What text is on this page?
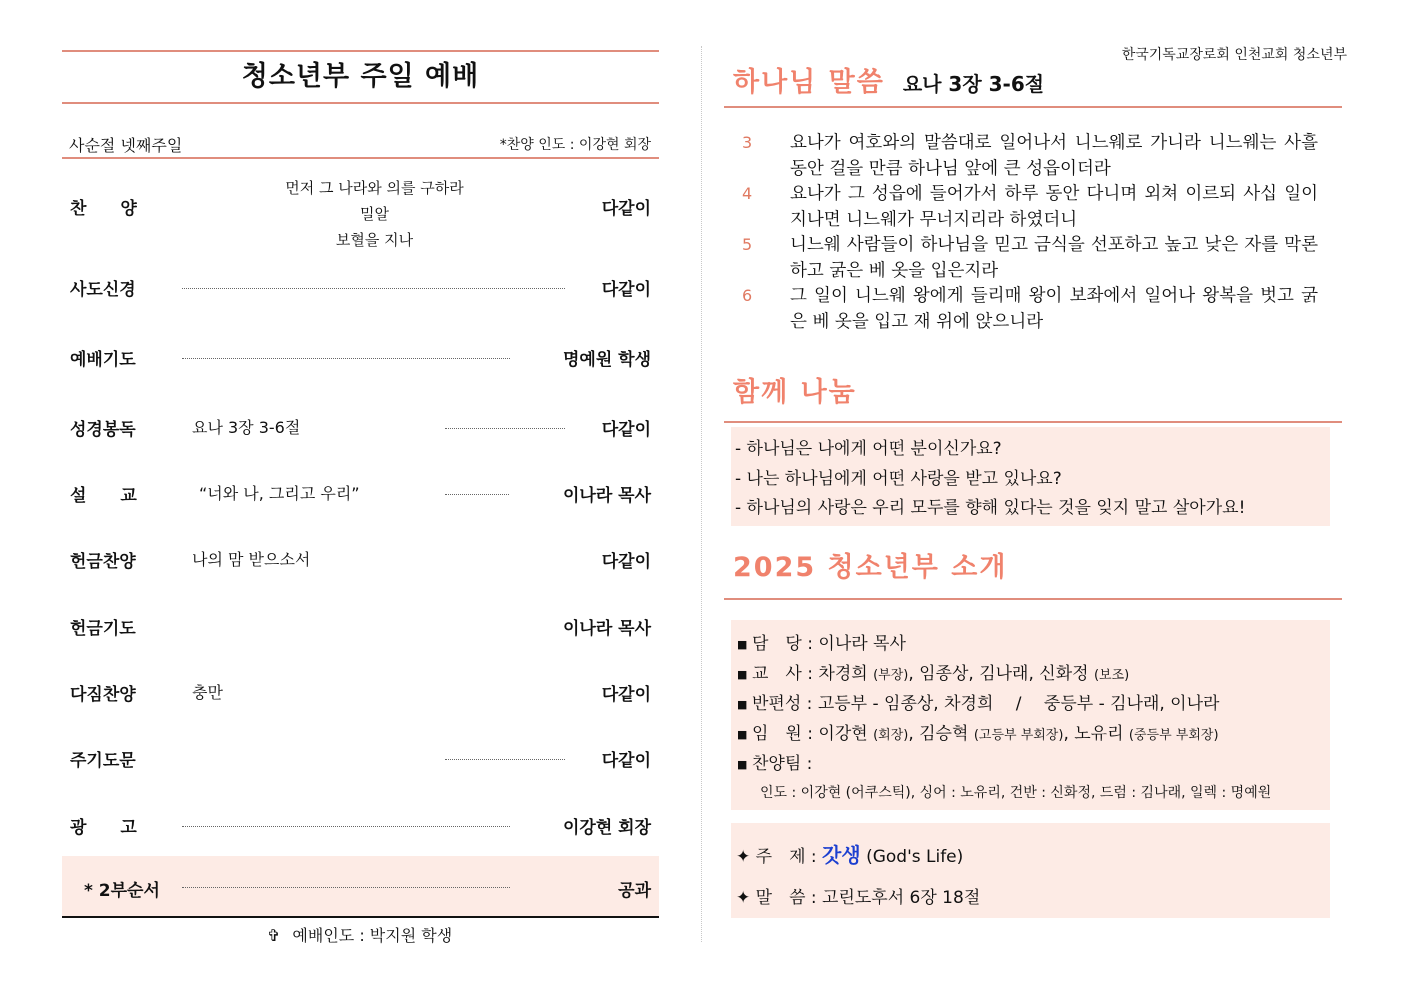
청소년부 주일 예배
사순절 넷째주일	*찬양 인도 : 이강현 회장
먼저 그 나라와 의를 구하라
밀알
보혈을 지나
찬　　양	다같이
사도신경	다같이
예배기도	명예원 학생
성경봉독	요나 3장 3-6절	다같이
설　　교	“너와 나, 그리고 우리”	이나라 목사
헌금찬양	나의 맘 받으소서	다같이
헌금기도	이나라 목사
다짐찬양	충만	다같이
주기도문	다같이
광　　고	이강현 회장
* 2부순서	공과
✞ 예배인도 : 박지원 학생
한국기독교장로회 인천교회 청소년부
하나님 말씀 요나 3장 3-6절
3 요나가 여호와의 말씀대로 일어나서 니느웨로 가니라 니느웨는 사흘 동안 걸을 만큼 하나님 앞에 큰 성읍이더라
4 요나가 그 성읍에 들어가서 하루 동안 다니며 외쳐 이르되 사십 일이 지나면 니느웨가 무너지리라 하였더니
5 니느웨 사람들이 하나님을 믿고 금식을 선포하고 높고 낮은 자를 막론하고 굵은 베 옷을 입은지라
6 그 일이 니느웨 왕에게 들리매 왕이 보좌에서 일어나 왕복을 벗고 굵은 베 옷을 입고 재 위에 앉으니라
함께 나눔
- 하나님은 나에게 어떤 분이신가요?
- 나는 하나님에게 어떤 사랑을 받고 있나요?
- 하나님의 사랑은 우리 모두를 향해 있다는 것을 잊지 말고 살아가요!
2025 청소년부 소개
■ 담　당 : 이나라 목사
■ 교　사 : 차경희 (부장), 임종상, 김나래, 신화정 (보조)
■ 반편성 : 고등부 - 임종상, 차경희　 / 　중등부 - 김나래, 이나라
■ 임　원 : 이강현 (회장), 김승혁 (고등부 부회장), 노유리 (중등부 부회장)
■ 찬양팀 :
인도 : 이강현 (어쿠스틱), 싱어 : 노유리, 건반 : 신화정, 드럼 : 김나래, 일렉 : 명예원
✦ 주　제 : 갓생 (God's Life)
✦ 말　씀 : 고린도후서 6장 18절
